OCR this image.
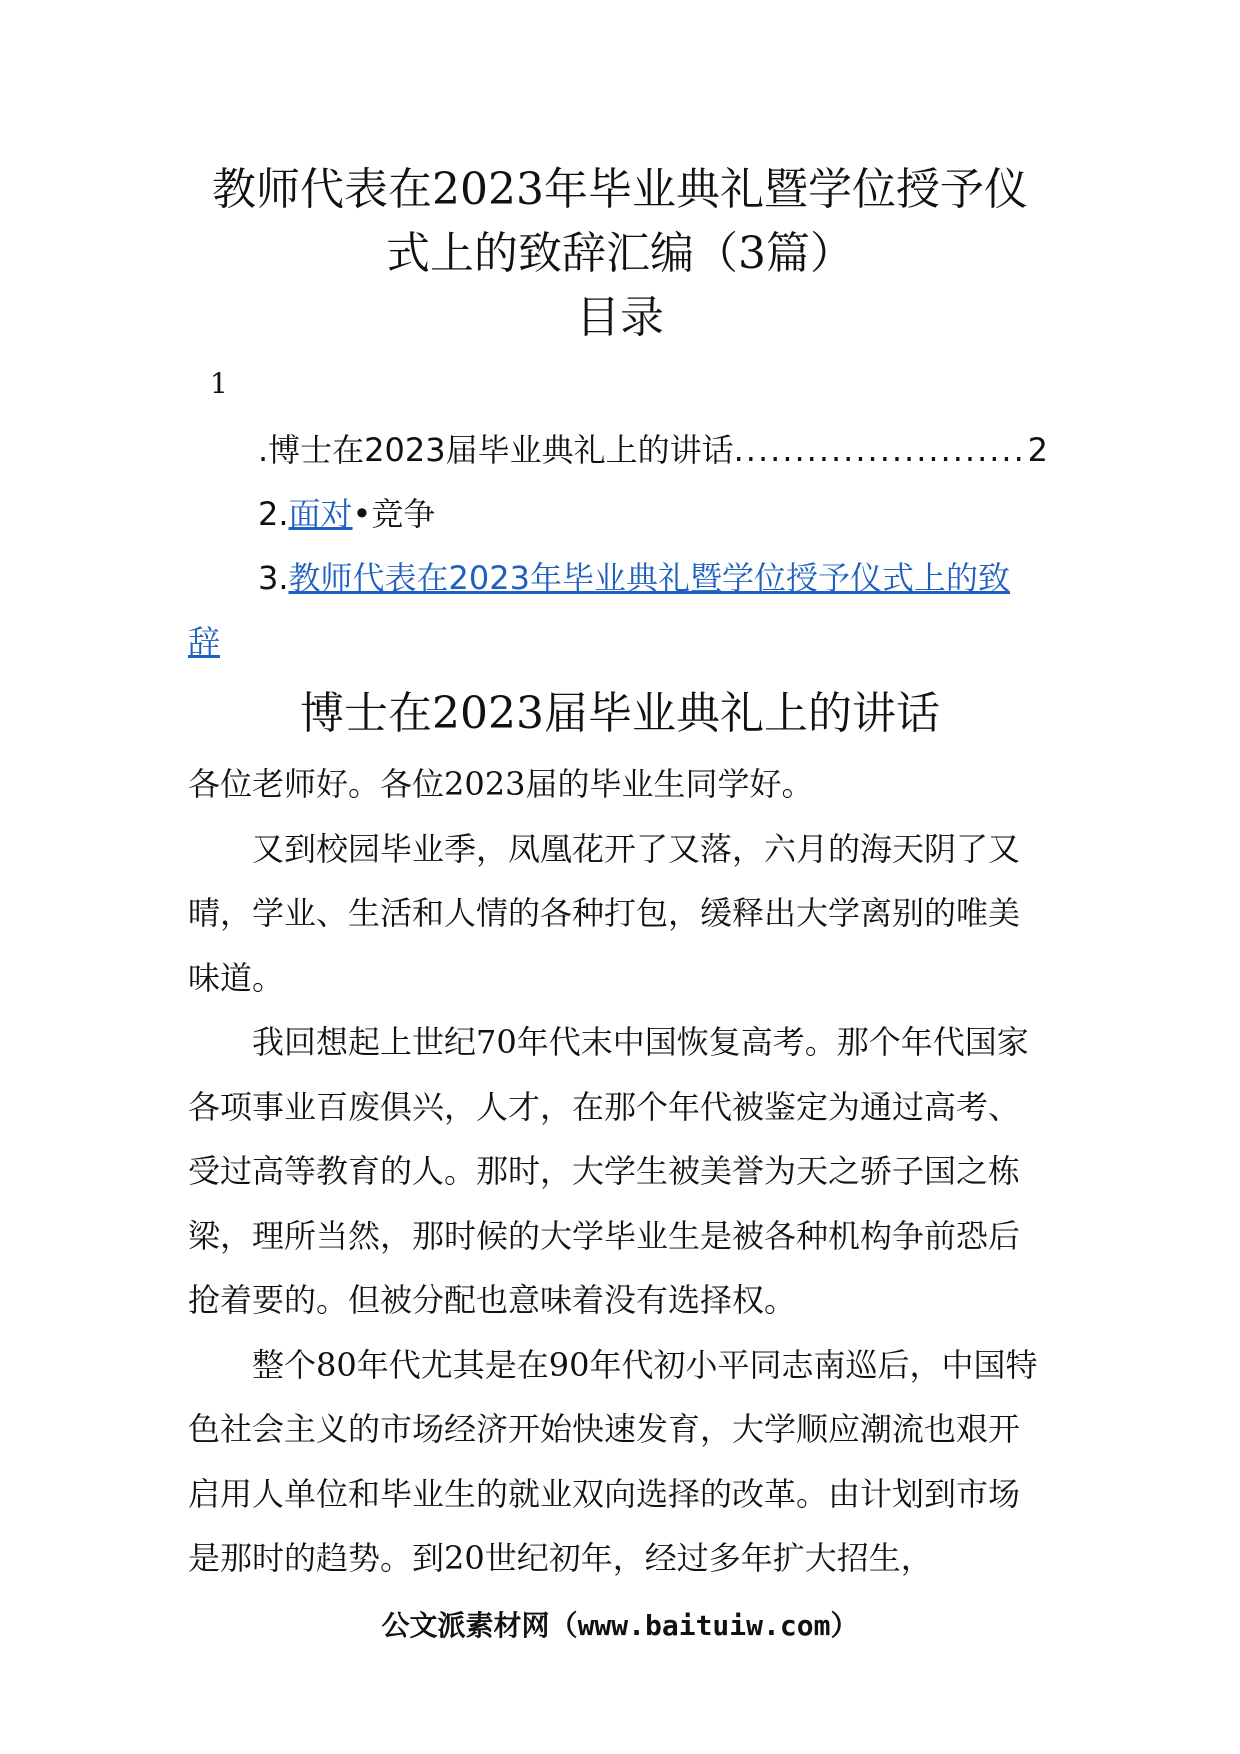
教师代表在2023年毕业典礼暨学位授予仪
式上的致辞汇编（3篇）
目录
1
.博士在2023届毕业典礼上的讲话 ........................ 2
2.面对•竞争
3.教师代表在2023年毕业典礼暨学位授予仪式上的致
辞
博士在2023届毕业典礼上的讲话

各位老师好。各位2023届的毕业生同学好。

又到校园毕业季，凤凰花开了又落，六月的海天阴了又晴，学业、生活和人情的各种打包，缓释出大学离别的唯美味道。

我回想起上世纪70年代末中国恢复高考。那个年代国家各项事业百废俱兴，人才，在那个年代被鉴定为通过高考、受过高等教育的人。那时，大学生被美誉为天之骄子国之栋梁，理所当然，那时候的大学毕业生是被各种机构争前恐后抢着要的。但被分配也意味着没有选择权。

整个80年代尤其是在90年代初小平同志南巡后，中国特色社会主义的市场经济开始快速发育，大学顺应潮流也艰开启用人单位和毕业生的就业双向选择的改革。由计划到市场是那时的趋势。到20世纪初年，经过多年扩大招生，

公文派素材网（www.baituiw.com）
